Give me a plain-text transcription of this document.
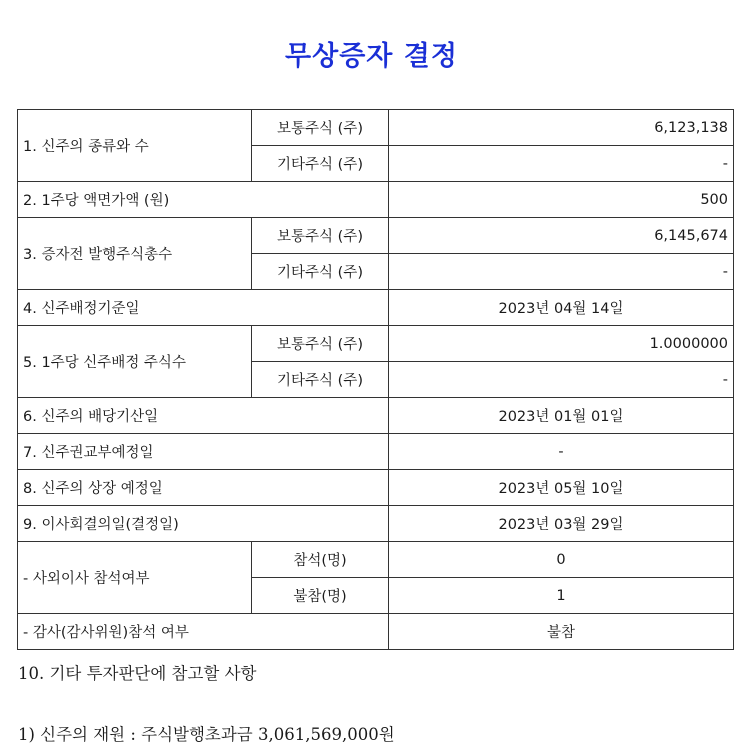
무상증자 결정
1. 신주의 종류와 수	보통주식 (주)	6,123,138
	기타주식 (주)	-
2. 1주당 액면가액 (원)		500
3. 증자전 발행주식총수	보통주식 (주)	6,145,674
	기타주식 (주)	-
4. 신주배정기준일		2023년 04월 14일
5. 1주당 신주배정 주식수	보통주식 (주)	1.0000000
	기타주식 (주)	-
6. 신주의 배당기산일		2023년 01월 01일
7. 신주권교부예정일		-
8. 신주의 상장 예정일		2023년 05월 10일
9. 이사회결의일(결정일)		2023년 03월 29일
- 사외이사 참석여부	참석(명)	0
	불참(명)	1
- 감사(감사위원)참석 여부		불참

10. 기타 투자판단에 참고할 사항

1) 신주의 재원 : 주식발행초과금 3,061,569,000원
